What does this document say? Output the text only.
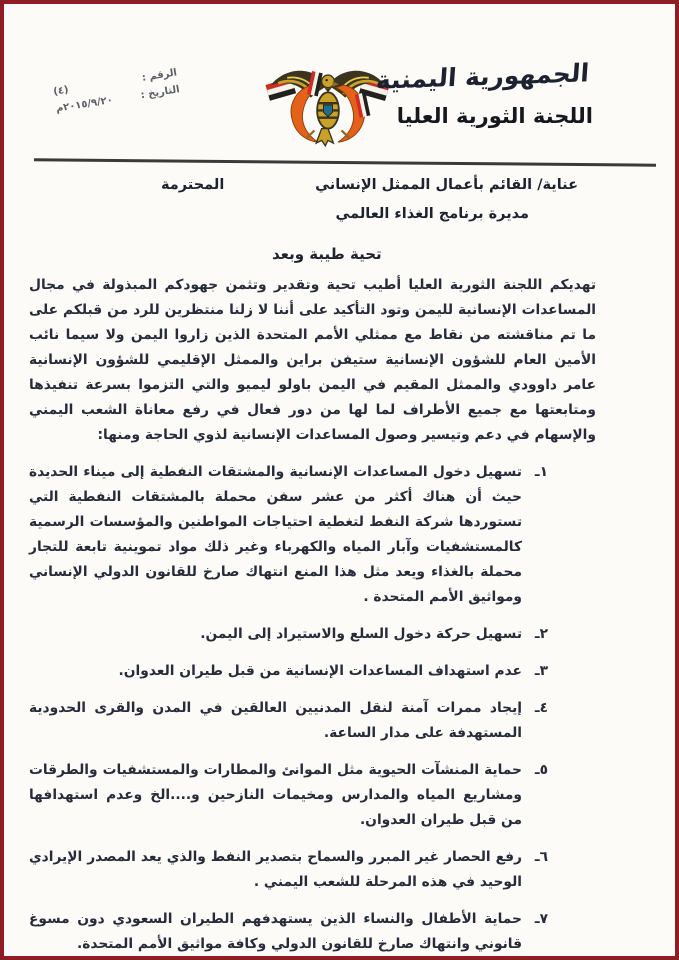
الرقم :
(٤)	التاريخ :
٢٠١٥/٩/٢٠م
الجمهورية اليمنية
اللجنة الثورية العليا
عناية/ القائم بأعمال الممثل الإنساني
المحترمة
مديرة برنامج الغذاء العالمي
تحية طيبة وبعد
تهديكم اللجنة الثورية العليا أطيب تحية وتقدير وتثمن جهودكم المبذولة في مجال المساعدات الإنسانية لليمن وتود التأكيد على أننا لا زلنا منتظرين للرد من قبلكم على ما تم مناقشته من نقاط مع ممثلي الأمم المتحدة الذين زاروا اليمن ولا سيما نائب الأمين العام للشؤون الإنسانية ستيفن براين والممثل الإقليمي للشؤون الإنسانية عامر داوودي والممثل المقيم في اليمن باولو ليميو والتي التزموا بسرعة تنفيذها ومتابعتها مع جميع الأطراف لما لها من دور فعال في رفع معاناة الشعب اليمني والإسهام في دعم وتيسير وصول المساعدات الإنسانية لذوي الحاجة ومنها:
١ـ
تسهيل دخول المساعدات الإنسانية والمشتقات النفطية إلى ميناء الحديدة حيث أن هناك أكثر من عشر سفن محملة بالمشتقات النفطية التي تستوردها شركة النفط لتغطية احتياجات المواطنين والمؤسسات الرسمية كالمستشفيات وآبار المياه والكهرباء وغير ذلك مواد تموينية تابعة للتجار محملة بالغذاء ويعد مثل هذا المنع انتهاك صارخ للقانون الدولي الإنساني ومواثيق الأمم المتحدة .
٢ـ
تسهيل حركة دخول السلع والاستيراد إلى اليمن.
٣ـ
عدم استهداف المساعدات الإنسانية من قبل طيران العدوان.
٤ـ
إيجاد ممرات آمنة لنقل المدنيين العالقين في المدن والقرى الحدودية المستهدفة على مدار الساعة.
٥ـ
حماية المنشآت الحيوية مثل الموانئ والمطارات والمستشفيات والطرقات ومشاريع المياه والمدارس ومخيمات النازحين و....الخ وعدم استهدافها من قبل طيران العدوان.
٦ـ
رفع الحصار غير المبرر والسماح بتصدير النفط والذي يعد المصدر الإيرادي الوحيد في هذه المرحلة للشعب اليمني .
٧ـ
حماية الأطفال والنساء الذين يستهدفهم الطيران السعودي دون مسوغ قانوني وانتهاك صارخ للقانون الدولي وكافة مواثيق الأمم المتحدة.
